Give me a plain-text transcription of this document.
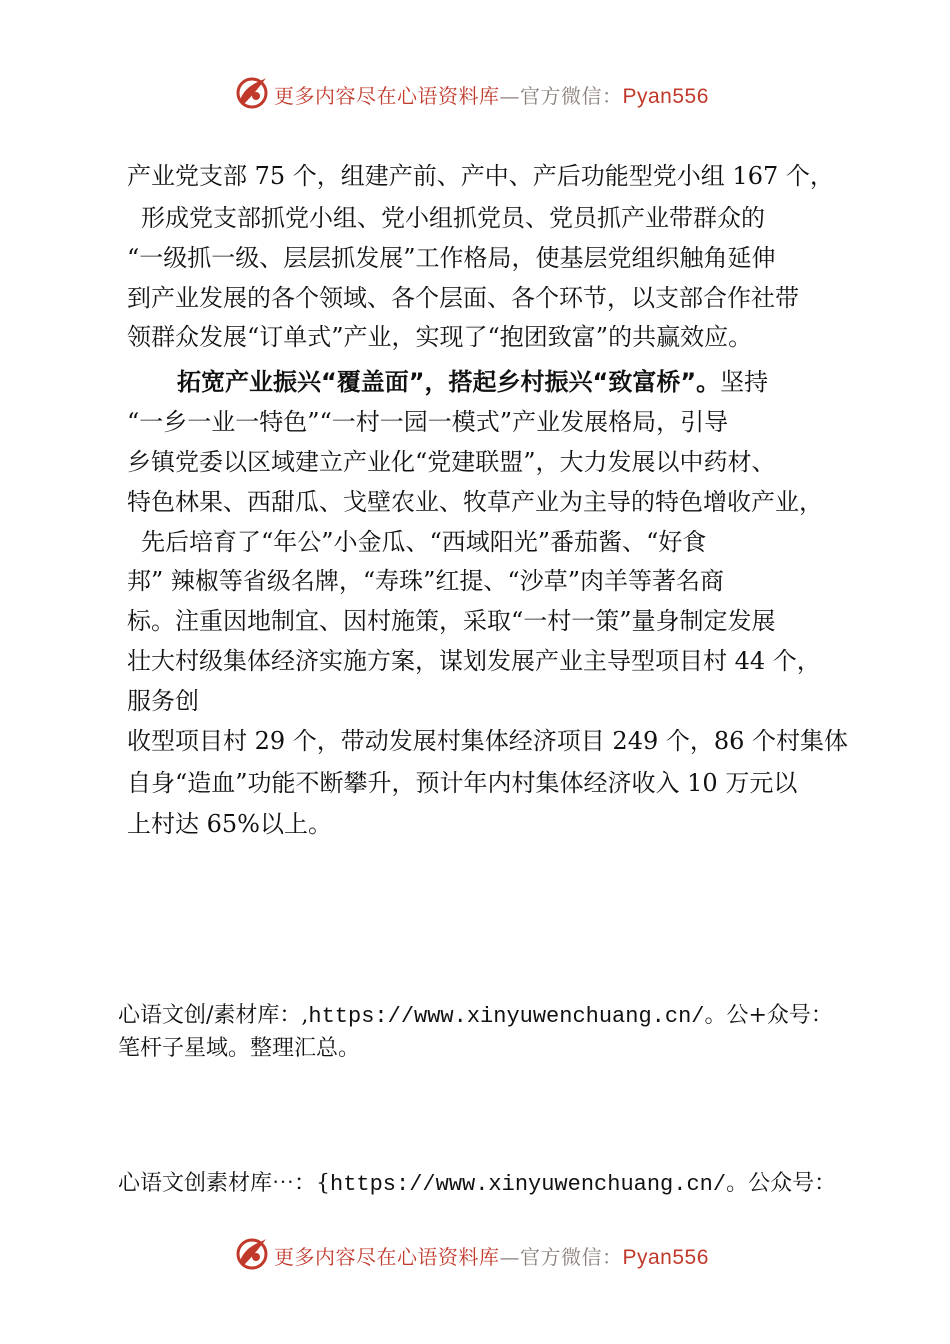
更多内容尽在心语资料库—官方微信：Pyan556
产业党支部 75 个，组建产前、产中、产后功能型党小组 167 个，
形成党支部抓党小组、党小组抓党员、党员抓产业带群众的
“一级抓一级、层层抓发展”工作格局，使基层党组织触角延伸
到产业发展的各个领域、各个层面、各个环节，以支部合作社带
领群众发展“订单式”产业，实现了“抱团致富”的共赢效应。
拓宽产业振兴“覆盖面”，搭起乡村振兴“致富桥”。坚持
“一乡一业一特色”“一村一园一模式”产业发展格局，引导
乡镇党委以区域建立产业化“党建联盟”，大力发展以中药材、
特色林果、西甜瓜、戈壁农业、牧草产业为主导的特色增收产业，
先后培育了“年公”小金瓜、“西域阳光”番茄酱、“好食
邦” 辣椒等省级名牌，“寿珠”红提、“沙草”肉羊等著名商
标。注重因地制宜、因村施策，采取“一村一策”量身制定发展
壮大村级集体经济实施方案，谋划发展产业主导型项目村 44 个，
服务创
收型项目村 29 个，带动发展村集体经济项目 249 个，86 个村集体
自身“造血”功能不断攀升，预计年内村集体经济收入 10 万元以
上村达 65%以上。
心语文创/素材库：,https://www.xinyuwenchuang.cn/。公+众号：
笔杆子星域。整理汇总。
心语文创素材库⋯：{https://www.xinyuwenchuang.cn/。公众号：
更多内容尽在心语资料库—官方微信：Pyan556
